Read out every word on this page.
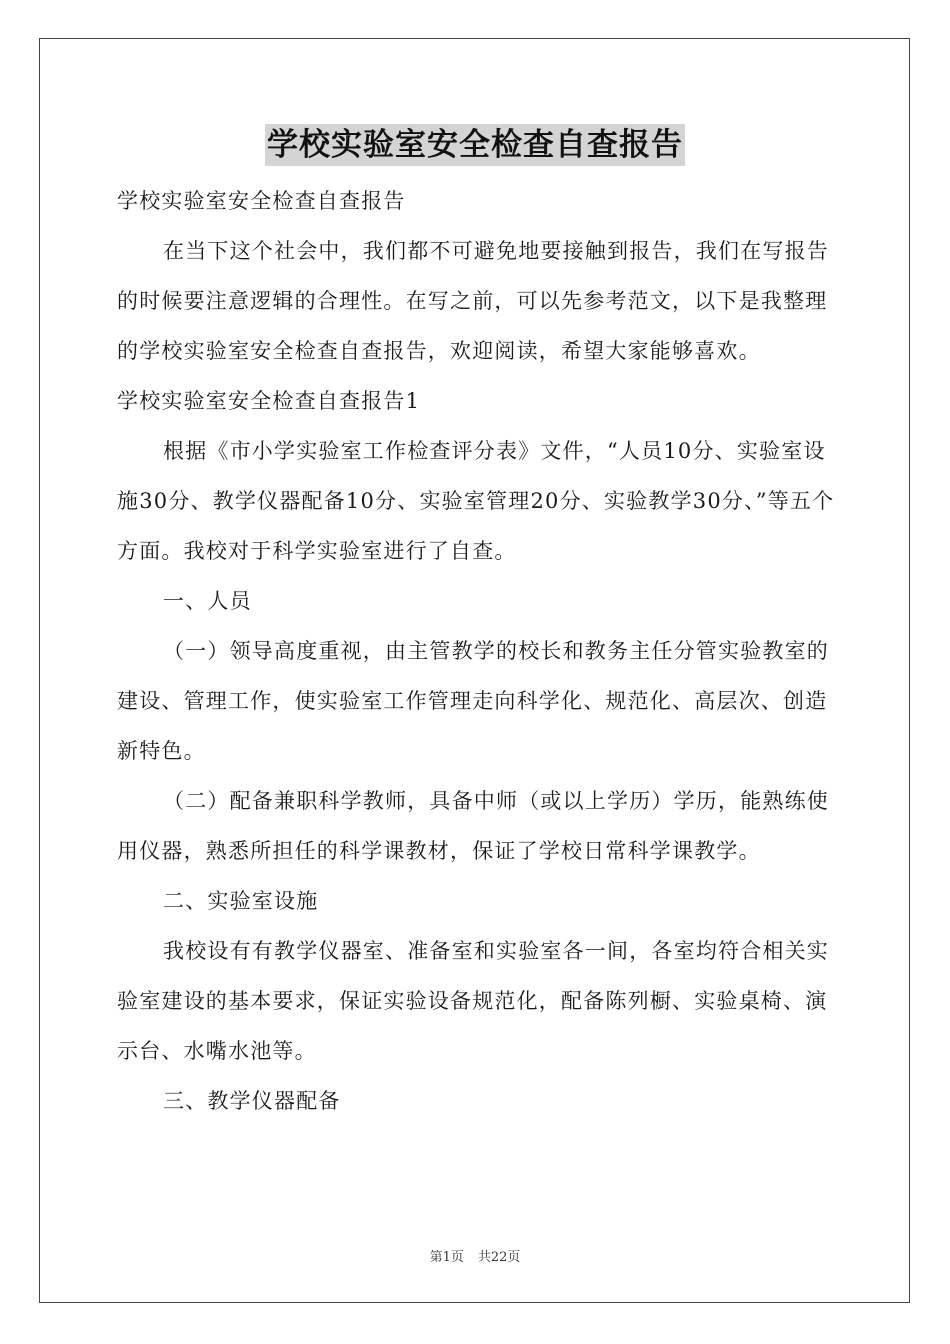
学校实验室安全检查自查报告

学校实验室安全检查自查报告

在当下这个社会中，我们都不可避免地要接触到报告，我们在写报告的时候要注意逻辑的合理性。在写之前，可以先参考范文，以下是我整理的学校实验室安全检查自查报告，欢迎阅读，希望大家能够喜欢。

学校实验室安全检查自查报告1

根据《市小学实验室工作检查评分表》文件，“人员10分、实验室设施30分、教学仪器配备10分、实验室管理20分、实验教学30分、”等五个方面。我校对于科学实验室进行了自查。

一、人员

（一）领导高度重视，由主管教学的校长和教务主任分管实验教室的建设、管理工作，使实验室工作管理走向科学化、规范化、高层次、创造新特色。

（二）配备兼职科学教师，具备中师（或以上学历）学历，能熟练使用仪器，熟悉所担任的科学课教材，保证了学校日常科学课教学。

二、实验室设施

我校设有有教学仪器室、准备室和实验室各一间，各室均符合相关实验室建设的基本要求，保证实验设备规范化，配备陈列橱、实验桌椅、演示台、水嘴水池等。

三、教学仪器配备

第1页 共22页
